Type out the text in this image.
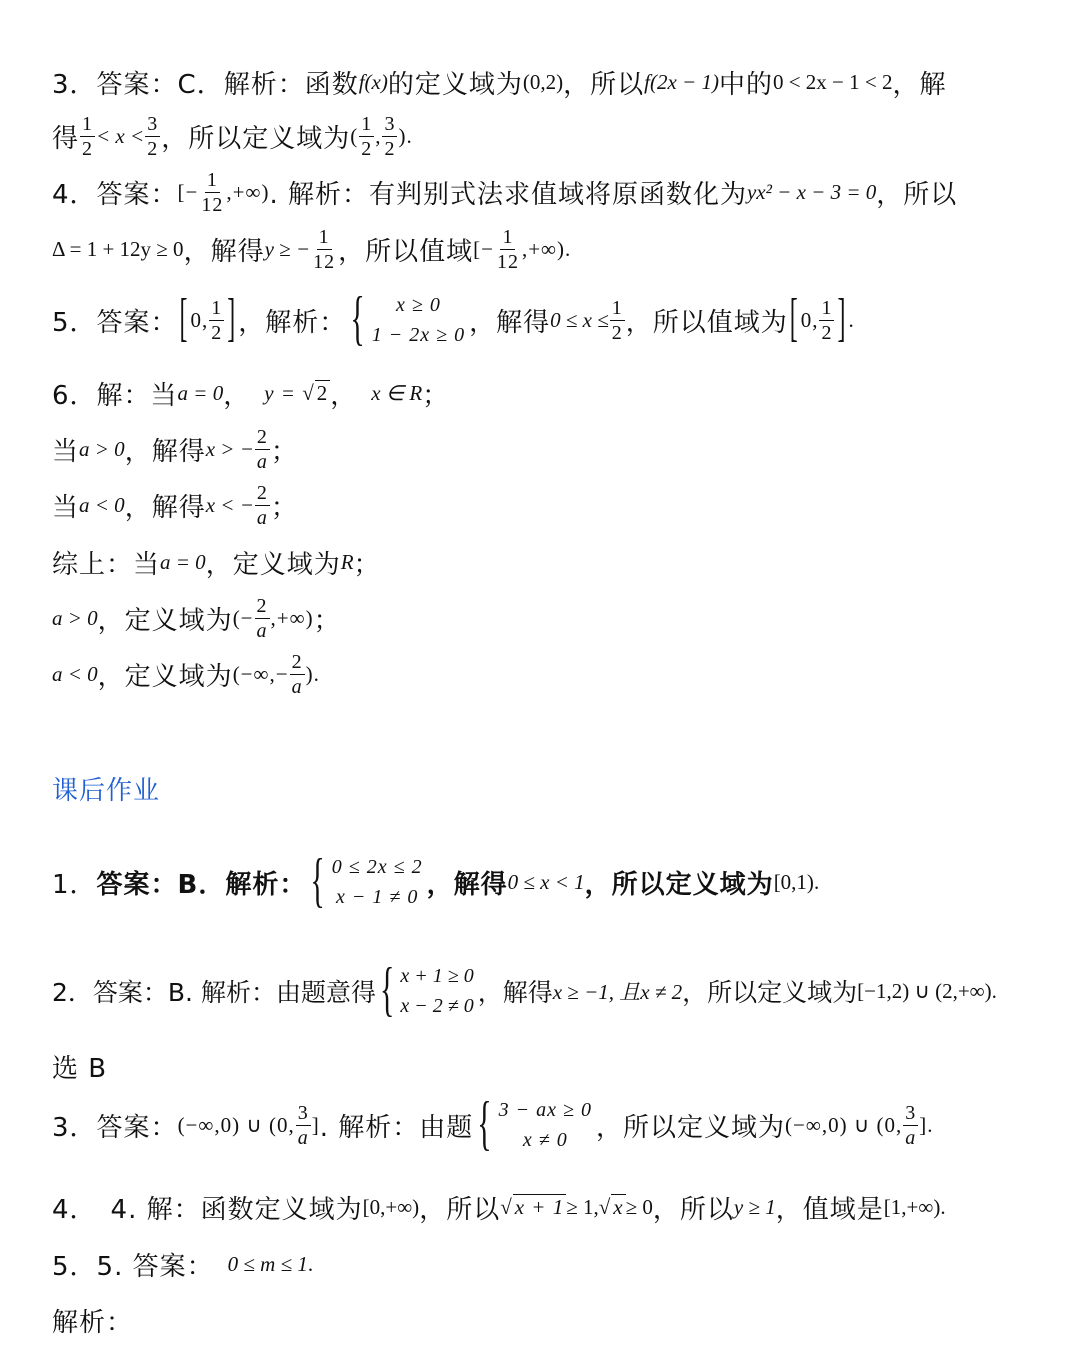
3．答案：C．解析：函数 f(x) 的定义域为 (0,2) ，所以 f(2x − 1) 中的 0 < 2x − 1 < 2 ，解
得 $\frac{1}{2} < x < \frac{3}{2}$ ，所以定义域为 ( $\frac{1}{2}$ , $\frac{3}{2}$ ) .
4．答案： [− $\frac{1}{12}$ ,+∞) . 解析：有判别式法求值域将原函数化为 yx² − x − 3 = 0 ，所以
Δ = 1 + 12y ≥ 0 ，解得 y ≥ − $\frac{1}{12}$ ，所以值域 [− $\frac{1}{12}$ ,+∞) .
5．答案： [ 0, $\frac{1}{2}$ ] ，解析： {	x ≥ 0
1 − 2x ≥ 0 ，解得 $0 \le x \le \frac{1}{2}$ ，所以值域为 [ 0, $\frac{1}{2}$ ] .
6．解：当 a = 0 ， y = √ 2 ， x ∈ R ；
当 a > 0 ，解得 x > − $\frac{2}{a}$ ；
当 a < 0 ，解得 x < − $\frac{2}{a}$ ；
综上：当 a = 0 ，定义域为 R ；
a > 0 ，定义域为 (− $\frac{2}{a}$ ,+∞) ；
a < 0 ，定义域为 (−∞,− $\frac{2}{a}$ ) .
课后作业
1． 答案：B．解析： { 0 ≤ 2x ≤ 2
x − 1 ≠ 0 ，解得 0 ≤ x < 1 ，所以定义域为 [0,1) .
2． 答案：B. 解析：由题意得 { x + 1 ≥ 0
x − 2 ≠ 0 ，解得 x ≥ −1, 且x ≠ 2 ，所以定义域为 [−1,2) ∪ (2,+∞) .
选 B
3． 答案： (−∞,0) ∪ (0, $\frac{3}{a}$ ] . 解析：由题 { 3 − ax ≥ 0
x ≠ 0	，所以定义域为 (−∞,0) ∪ (0, $\frac{3}{a}$ ] .
4． 4. 解：函数定义域为 [0,+∞) ，所以 √ x + 1 ≥ 1, √ x ≥ 0 ，所以 y ≥ 1 ，值域是 [1,+∞) .
5． 5. 答案： 0 ≤ m ≤ 1 .
解析：
